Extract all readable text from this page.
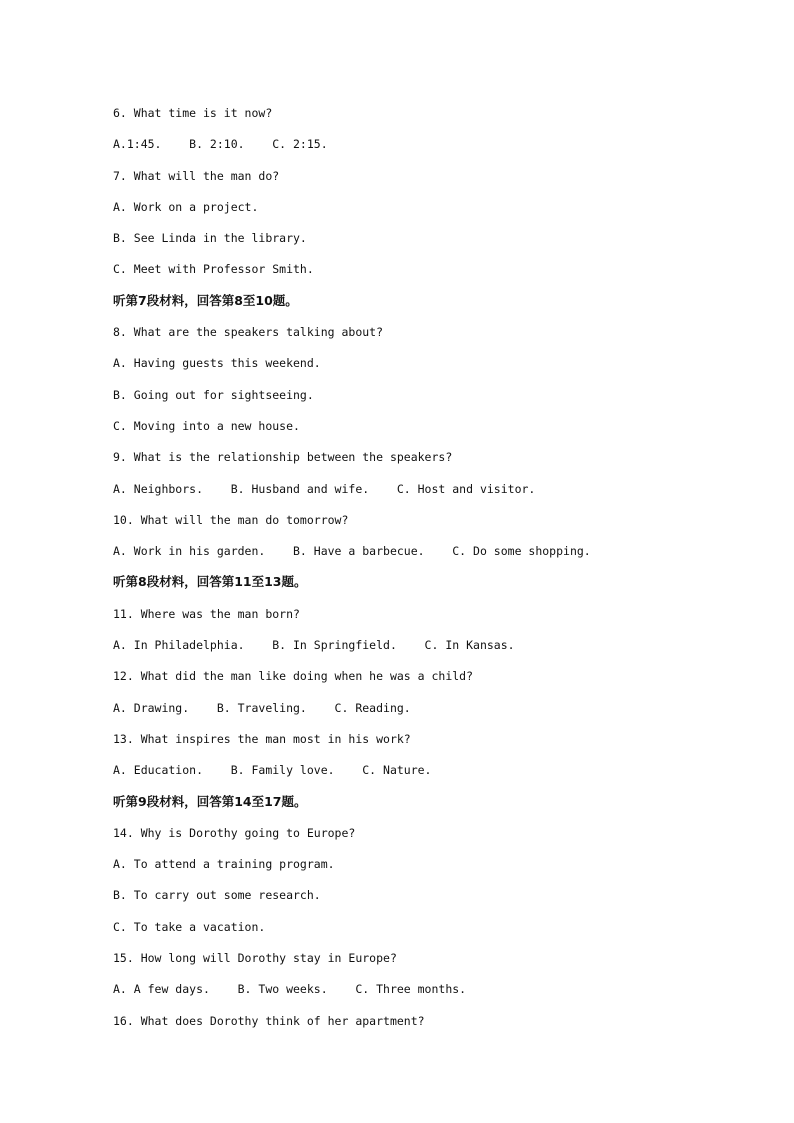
6. What time is it now?
A.1:45.    B. 2:10.    C. 2:15.
7. What will the man do?
A. Work on a project.
B. See Linda in the library.
C. Meet with Professor Smith.
听第7段材料，回答第8至10题。
8. What are the speakers talking about?
A. Having guests this weekend.
B. Going out for sightseeing.
C. Moving into a new house.
9. What is the relationship between the speakers?
A. Neighbors.    B. Husband and wife.    C. Host and visitor.
10. What will the man do tomorrow?
A. Work in his garden.    B. Have a barbecue.    C. Do some shopping.
听第8段材料，回答第11至13题。
11. Where was the man born?
A. In Philadelphia.    B. In Springfield.    C. In Kansas.
12. What did the man like doing when he was a child?
A. Drawing.    B. Traveling.    C. Reading.
13. What inspires the man most in his work?
A. Education.    B. Family love.    C. Nature.
听第9段材料，回答第14至17题。
14. Why is Dorothy going to Europe?
A. To attend a training program.
B. To carry out some research.
C. To take a vacation.
15. How long will Dorothy stay in Europe?
A. A few days.    B. Two weeks.    C. Three months.
16. What does Dorothy think of her apartment?
